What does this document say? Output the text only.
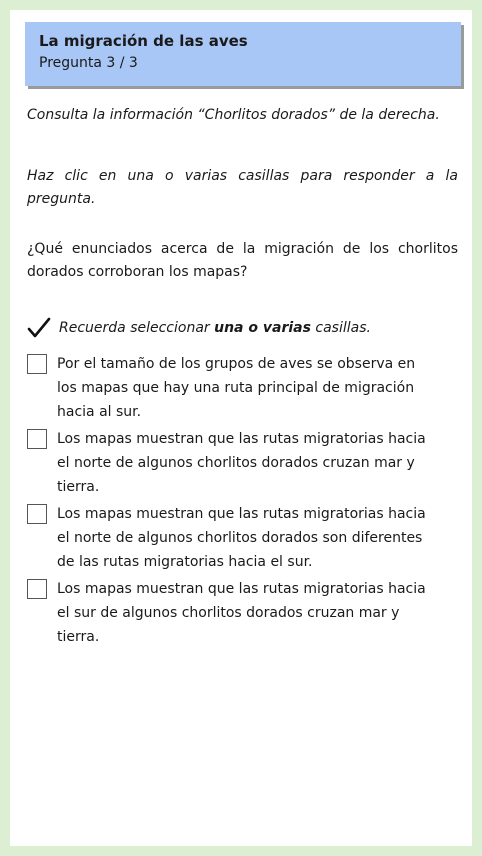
La migración de las aves
Pregunta 3 / 3

Consulta la información “Chorlitos dorados” de la derecha.

Haz clic en una o varias casillas para responder a la pregunta.

¿Qué enunciados acerca de la migración de los chorlitos dorados corroboran los mapas?

Recuerda seleccionar una o varias casillas.
Por el tamaño de los grupos de aves se observa en los mapas que hay una ruta principal de migración hacia al sur.
Los mapas muestran que las rutas migratorias hacia el norte de algunos chorlitos dorados cruzan mar y tierra.
Los mapas muestran que las rutas migratorias hacia el norte de algunos chorlitos dorados son diferentes de las rutas migratorias hacia el sur.
Los mapas muestran que las rutas migratorias hacia el sur de algunos chorlitos dorados cruzan mar y tierra.
